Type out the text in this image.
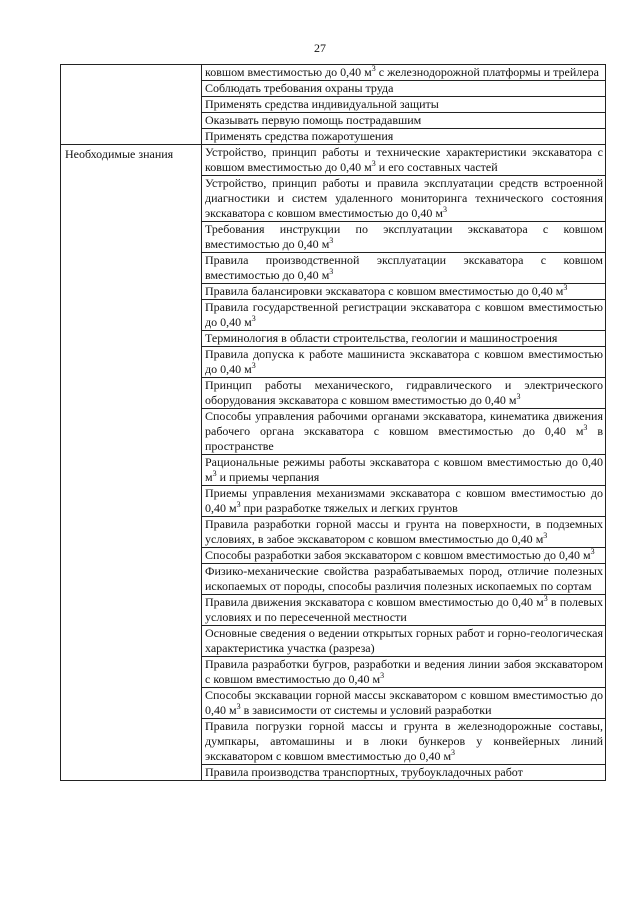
27
	ковшом вместимостью до 0,40 $м^3$ с железнодорожной платформы и трейлера
	Соблюдать требования охраны труда
	Применять средства индивидуальной защиты
	Оказывать первую помощь пострадавшим
	Применять средства пожаротушения
Необходимые знания	Устройство, принцип работы и технические характеристики экскаватора с ковшом вместимостью до 0,40 $м^3$ и его составных частей
	Устройство, принцип работы и правила эксплуатации средств встроенной диагностики и систем удаленного мониторинга технического состояния экскаватора с ковшом вместимостью до 0,40 $м^3$
	Требования инструкции по эксплуатации экскаватора с ковшом вместимостью до 0,40 $м^3$
	Правила производственной эксплуатации экскаватора с ковшом вместимостью до 0,40 $м^3$
	Правила балансировки экскаватора с ковшом вместимостью до 0,40 $м^3$
	Правила государственной регистрации экскаватора с ковшом вместимостью до 0,40 $м^3$
	Терминология в области строительства, геологии и машиностроения
	Правила допуска к работе машиниста экскаватора с ковшом вместимостью до 0,40 $м^3$
	Принцип работы механического, гидравлического и электрического оборудования экскаватора с ковшом вместимостью до 0,40 $м^3$
	Способы управления рабочими органами экскаватора, кинематика движения рабочего органа экскаватора с ковшом вместимостью до 0,40 $м^3$ в пространстве
	Рациональные режимы работы экскаватора с ковшом вместимостью до 0,40 $м^3$ и приемы черпания
	Приемы управления механизмами экскаватора с ковшом вместимостью до 0,40 $м^3$ при разработке тяжелых и легких грунтов
	Правила разработки горной массы и грунта на поверхности, в подземных условиях, в забое экскаватором с ковшом вместимостью до 0,40 $м^3$
	Способы разработки забоя экскаватором с ковшом вместимостью до 0,40 $м^3$
	Физико-механические свойства разрабатываемых пород, отличие полезных ископаемых от породы, способы различия полезных ископаемых по сортам
	Правила движения экскаватора с ковшом вместимостью до 0,40 $м^3$ в полевых условиях и по пересеченной местности
	Основные сведения о ведении открытых горных работ и горно-геологическая характеристика участка (разреза)
	Правила разработки бугров, разработки и ведения линии забоя экскаватором с ковшом вместимостью до 0,40 $м^3$
	Способы экскавации горной массы экскаватором с ковшом вместимостью до 0,40 $м^3$ в зависимости от системы и условий разработки
	Правила погрузки горной массы и грунта в железнодорожные составы, думпкары, автомашины и в люки бункеров у конвейерных линий экскаватором с ковшом вместимостью до 0,40 $м^3$
	Правила производства транспортных, трубоукладочных работ
